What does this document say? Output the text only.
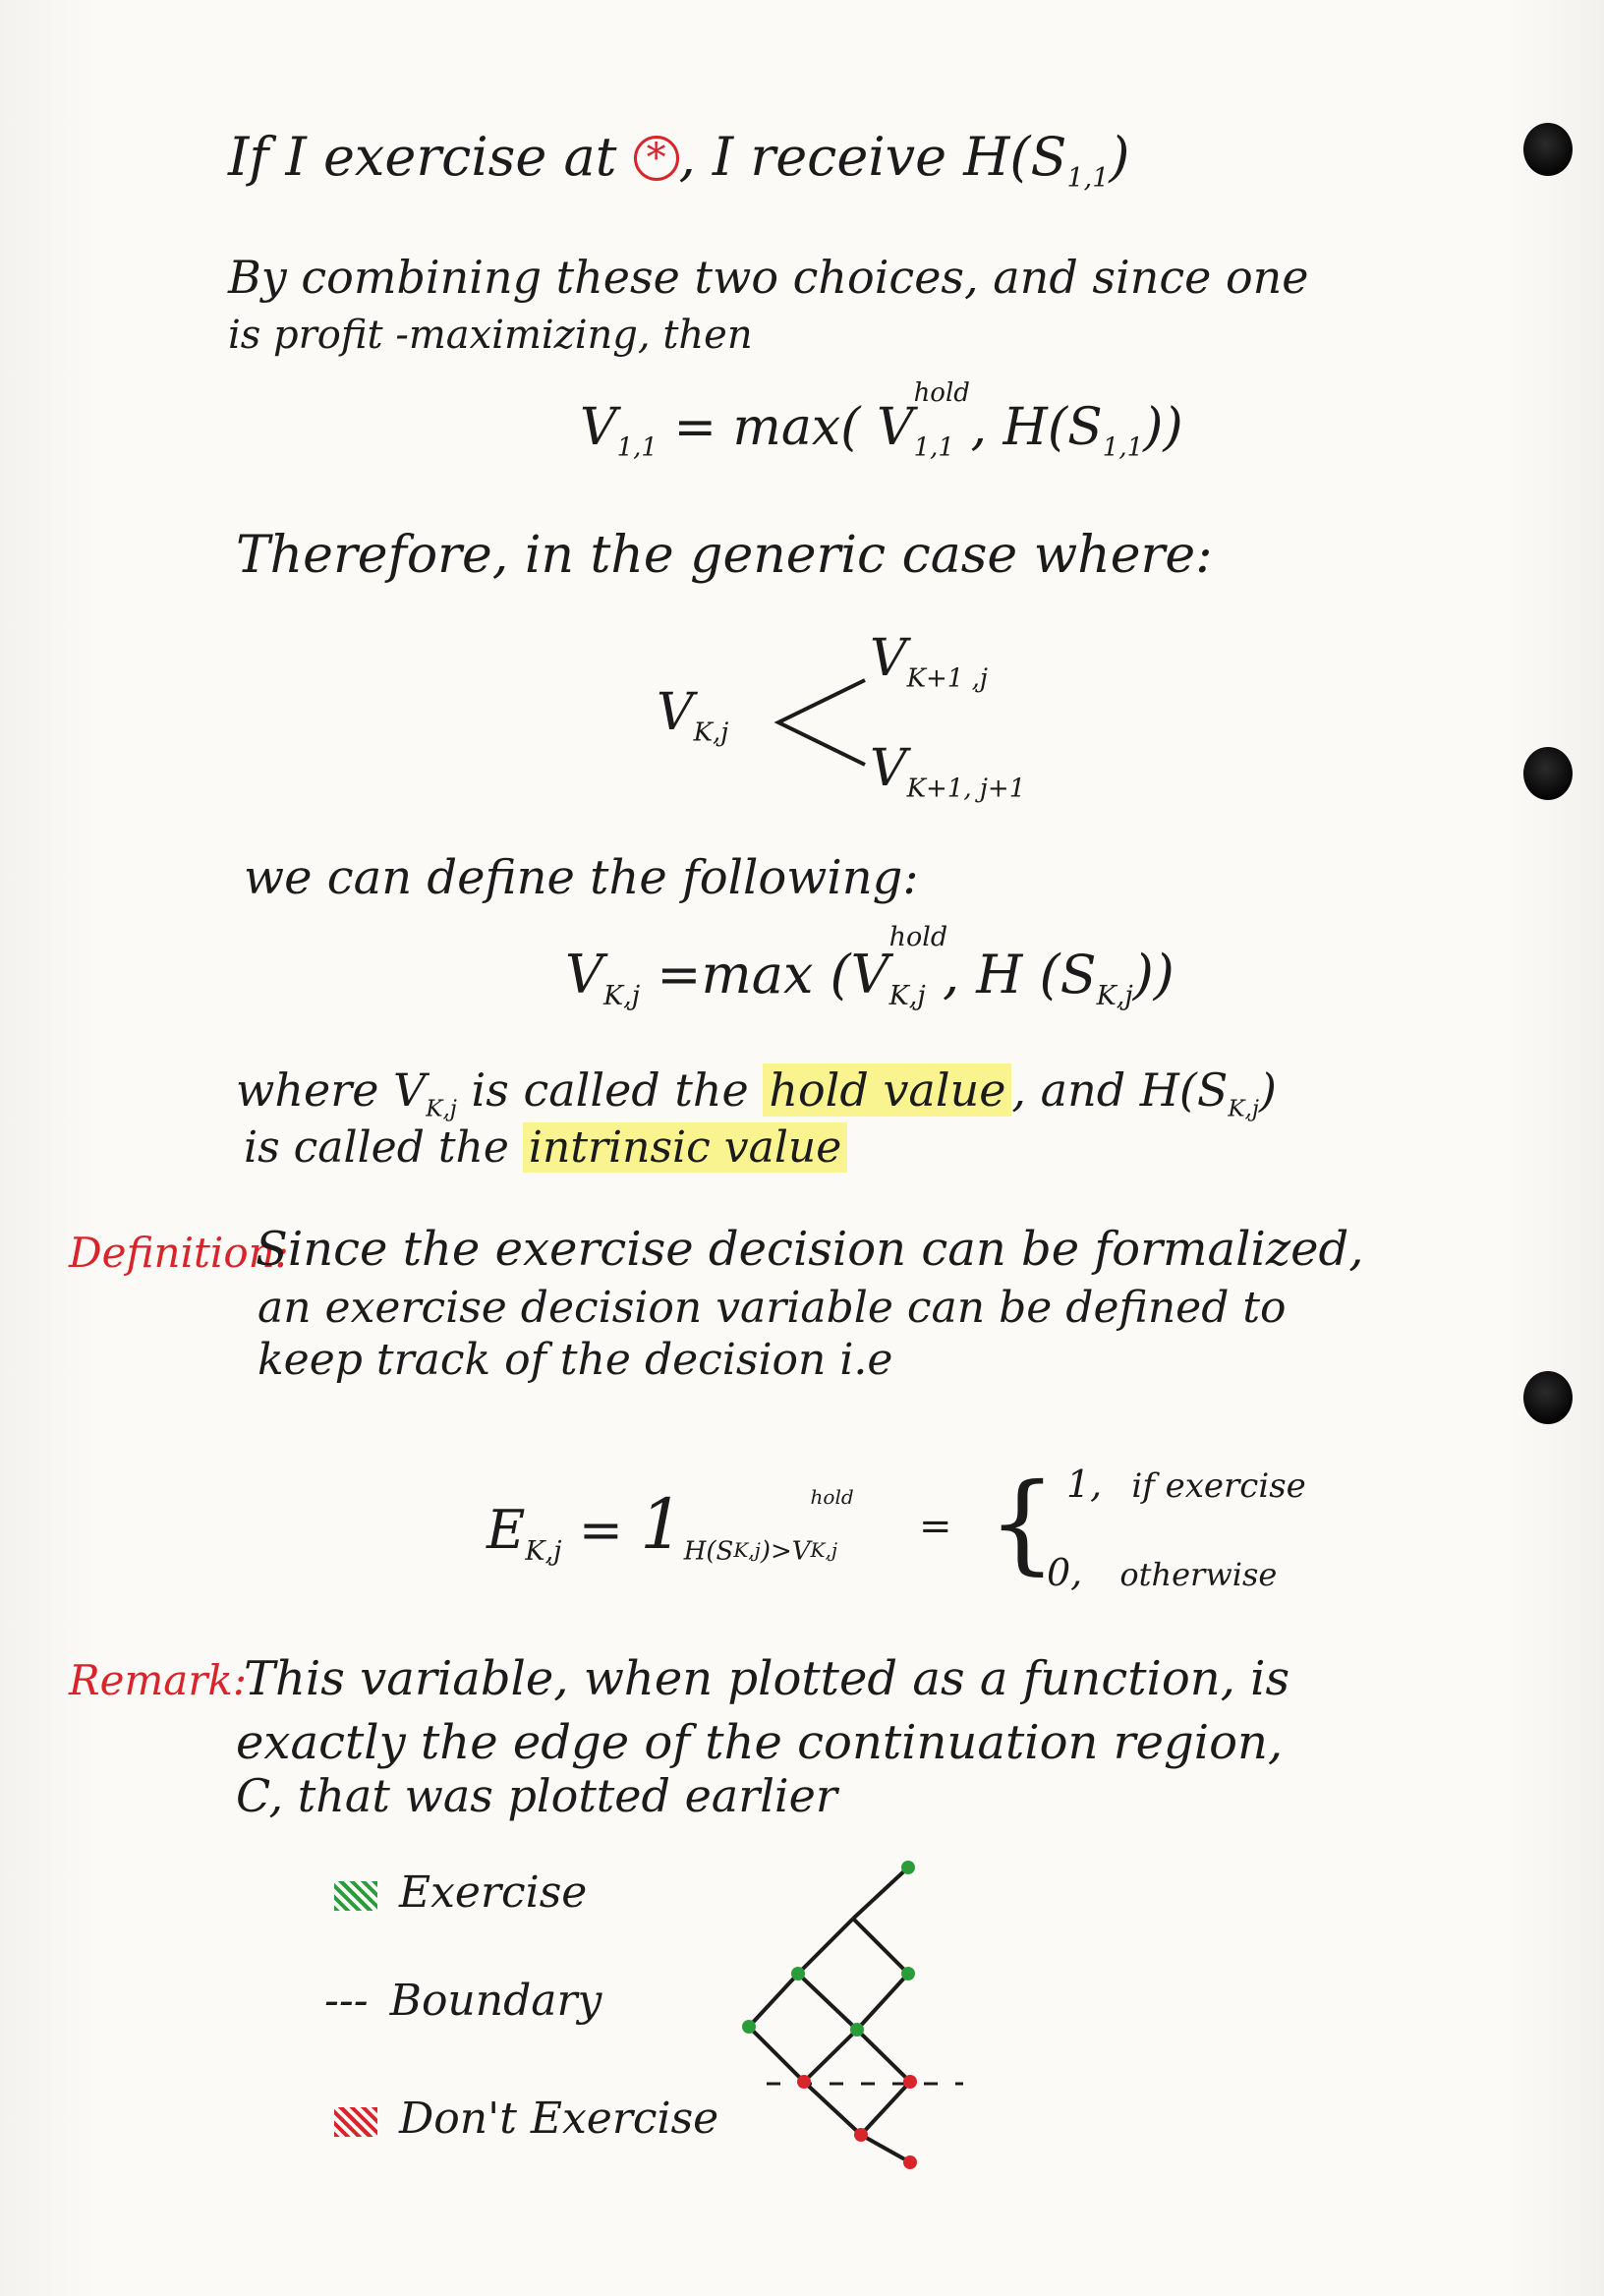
If I exercise at * , I receive $H(S_{1,1})$
By combining these two choices, and since one
is profit -maximizing, then
$V_{1,1} = \max$( V
hold
$_{1,1}$ , $H(S_{1,1})$)
Therefore, in the generic case where:
$V_{K,j}$
$V_{K+1 ,j}$
$V_{K+1, j+1}$
we can define the following:
$V_{K,j} =\max$ (V
hold
$_{K,j}$ , H $(S_{K,j})$)
where $V_{K,j}$ is called the hold value , and $H(S_{K,j})$
is called the intrinsic value
Definition:
Since the exercise decision can be formalized,
an exercise decision variable can be defined to
keep track of the decision i.e
$E_{K,j} = 1_{H(SK,j)>V}$
hold
$_{K,j}$
= { 1, if exercise
0, otherwise
Remark:
This variable, when plotted as a function, is
exactly the edge of the continuation region,
C, that was plotted earlier
Exercise
--- Boundary
Don't Exercise
